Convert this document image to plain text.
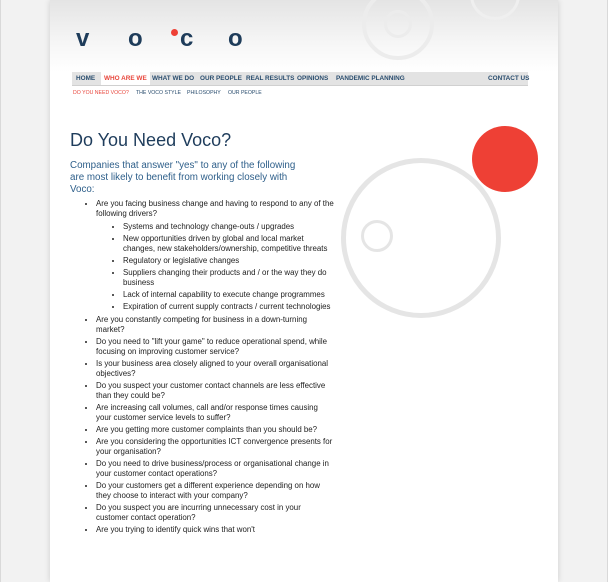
v o c o
HOME	WHO ARE WE WHAT WE DO OUR PEOPLE REAL RESULTS OPINIONS PANDEMIC PLANNING	CONTACT US
DO YOU NEED VOCO? THE VOCO STYLE PHILOSOPHY OUR PEOPLE
Do You Need Voco?

Companies that answer "yes" to any of the following are most likely to benefit from working closely with Voco:

• Are you facing business change and having to respond to any of the following drivers?
• Systems and technology change-outs / upgrades
• New opportunities driven by global and local market changes, new stakeholders/ownership, competitive threats
• Regulatory or legislative changes
• Suppliers changing their products and / or the way they do business
• Lack of internal capability to execute change programmes
• Expiration of current supply contracts / current technologies
• Are you constantly competing for business in a down-turning market?
• Do you need to "lift your game" to reduce operational spend, while focusing on improving customer service?
• Is your business area closely aligned to your overall organisational objectives?
• Do you suspect your customer contact channels are less effective than they could be?
• Are increasing call volumes, call and/or response times causing your customer service levels to suffer?
• Are you getting more customer complaints than you should be?
• Are you considering the opportunities ICT convergence presents for your organisation?
• Do you need to drive business/process or organisational change in your customer contact operations?
• Do your customers get a different experience depending on how they choose to interact with your company?
• Do you suspect you are incurring unnecessary cost in your customer contact operation?
• Are you trying to identify quick wins that won't
